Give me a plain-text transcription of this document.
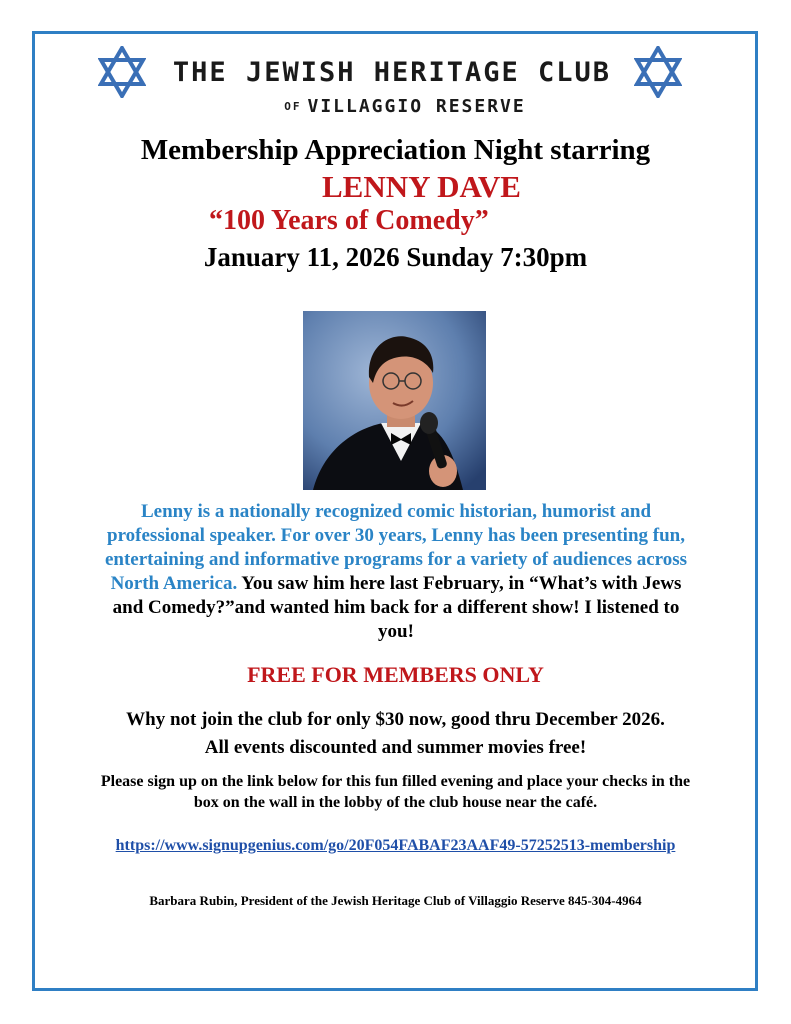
THE JEWISH HERITAGE CLUB
$^{OF}$ VILLAGGIO RESERVE
Membership Appreciation Night starring
LENNY DAVE
“100 Years of Comedy”
January 11, 2026 Sunday 7:30pm
Lenny is a nationally recognized comic historian, humorist and professional speaker. For over 30 years, Lenny has been presenting fun, entertaining and informative programs for a variety of audiences across North America. You saw him here last February, in “What’s with Jews and Comedy?”and wanted him back for a different show! I listened to you!
FREE FOR MEMBERS ONLY
Why not join the club for only $30 now, good thru December 2026.
All events discounted and summer movies free!
Please sign up on the link below for this fun filled evening and place your checks in the box on the wall in the lobby of the club house near the café.
https://www.signupgenius.com/go/20F054FABAF23AAF49-57252513-membership
Barbara Rubin, President of the Jewish Heritage Club of Villaggio Reserve 845-304-4964
